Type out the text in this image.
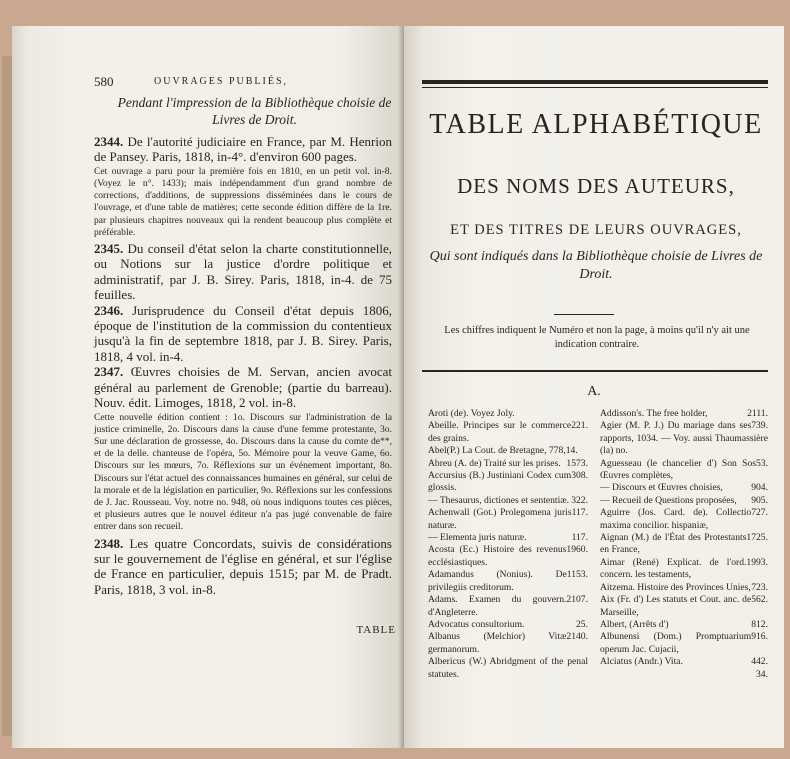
580	OUVRAGES PUBLIÉS,
Pendant l'impression de la Bibliothèque choisie de Livres de Droit.
2344. De l'autorité judiciaire en France, par M. Henrion de Pansey. Paris, 1818, in-4°. d'environ 600 pages.
Cet ouvrage a paru pour la première fois en 1810, en un petit vol. in-8. (Voyez le n°. 1433); mais indépendamment d'un grand nombre de corrections, d'additions, de suppressions disséminées dans le cours de l'ouvrage, et d'une table de matières; cette seconde édition diffère de la 1re. par plusieurs chapitres nouveaux qui la rendent beaucoup plus complète et préférable.
2345. Du conseil d'état selon la charte constitutionnelle, ou Notions sur la justice d'ordre politique et administratif, par J. B. Sirey. Paris, 1818, in-4. de 75 feuilles.
2346. Jurisprudence du Conseil d'état depuis 1806, époque de l'institution de la commission du contentieux jusqu'à la fin de septembre 1818, par J. B. Sirey. Paris, 1818, 4 vol. in-4.
2347. Œuvres choisies de M. Servan, ancien avocat général au parlement de Grenoble; (partie du barreau). Nouv. édit. Limoges, 1818, 2 vol. in-8.
Cette nouvelle édition contient : 1o. Discours sur l'administration de la justice criminelle, 2o. Discours dans la cause d'une femme protestante, 3o. Sur une déclaration de grossesse, 4o. Discours dans la cause du comte de**, et de la delle. chanteuse de l'opéra, 5o. Mémoire pour la veuve Game, 6o. Discours sur les mœurs, 7o. Réflexions sur un événement important, 8o. Discours sur l'état actuel des connaissances humaines en général, sur celui de la morale et de la législation en particulier, 9o. Réflexions sur les confessions de J. Jac. Rousseau. Voy. notre no. 948, où nous indiquons toutes ces pièces, et plusieurs autres que le nouvel éditeur n'a pas jugé convenable de faire entrer dans son recueil.
2348. Les quatre Concordats, suivis de considérations sur le gouvernement de l'église en général, et sur l'église de France en particulier, depuis 1515; par M. de Pradt. Paris, 1818, 3 vol. in-8.
TABLE
TABLE ALPHABÉTIQUE
DES NOMS DES AUTEURS,
ET DES TITRES DE LEURS OUVRAGES,
Qui sont indiqués dans la Bibliothèque choisie de Livres de Droit.
Les chiffres indiquent le Numéro et non la page, à moins qu'il n'y ait une indication contraire.
A.
Aroti (de). Voyez Joly.
221.
Abeille. Principes sur le commerce des grains.
Abel(P.) La Cout. de Bretagne, 778,14.
1573.
Abreu (A. de) Traité sur les prises.
308.
Accursius (B.) Justiniani Codex cum glossis.
322.
— Thesaurus, dictiones et sententiæ.
117.
Achenwall (Got.) Prolegomena juris naturæ.
117.
— Elementa juris naturæ.
1960.
Acosta (Ec.) Histoire des revenus ecclésiastiques.
1153.
Adamandus (Nonius). De privilegiis creditorum.
2107.
Adams. Examen du gouvern. d'Angleterre.
25.
Advocatus consultorium.
2140.
Albanus (Melchior) Vitæ germanorum.
Albericus (W.) Abridgment of the penal statutes.
2111.
Addisson's. The free holder,
739.
Agier (M. P. J.) Du mariage dans ses rapports, 1034. — Voy. aussi Thaumassière (la) no.
53.
Aguesseau (le chancelier d') Son Sos Œuvres complètes,
904.
— Discours et Œuvres choisies,
905.
— Recueil de Questions proposées,
727.
Aguirre (Jos. Card. de). Collectio maxima concilior. hispaniæ,
1725.
Aignan (M.) de l'État des Protestants en France,
1993.
Aimar (René) Explicat. de l'ord. concern. les testaments,
723.
Aitzema. Histoire des Provinces Unies,
562.
Aix (Fr. d') Les statuts et Cout. anc. de Marseille,
812.
Albert, (Arrêts d')
916.
Albunensi (Dom.) Promptuarium operum Jac. Cujacii,
442.
Alciatus (Andr.) Vita.
34.
